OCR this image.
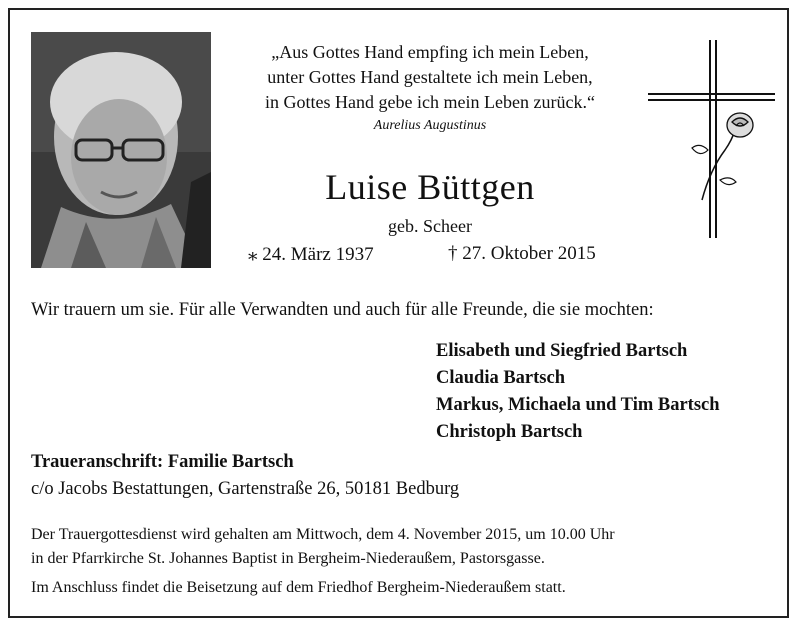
„Aus Gottes Hand empfing ich mein Leben,
unter Gottes Hand gestaltete ich mein Leben,
in Gottes Hand gebe ich mein Leben zurück.“
Aurelius Augustinus
Luise Büttgen
geb. Scheer
⁎ 24. März 1937	† 27. Oktober 2015
Wir trauern um sie. Für alle Verwandten und auch für alle Freunde, die sie mochten:
Elisabeth und Siegfried Bartsch
Claudia Bartsch
Markus, Michaela und Tim Bartsch
Christoph Bartsch
Traueranschrift: Familie Bartsch
c/o Jacobs Bestattungen, Gartenstraße 26, 50181 Bedburg
Der Trauergottesdienst wird gehalten am Mittwoch, dem 4. November 2015, um 10.00 Uhr
in der Pfarrkirche St. Johannes Baptist in Bergheim-Niederaußem, Pastorsgasse.
Im Anschluss findet die Beisetzung auf dem Friedhof Bergheim-Niederaußem statt.
